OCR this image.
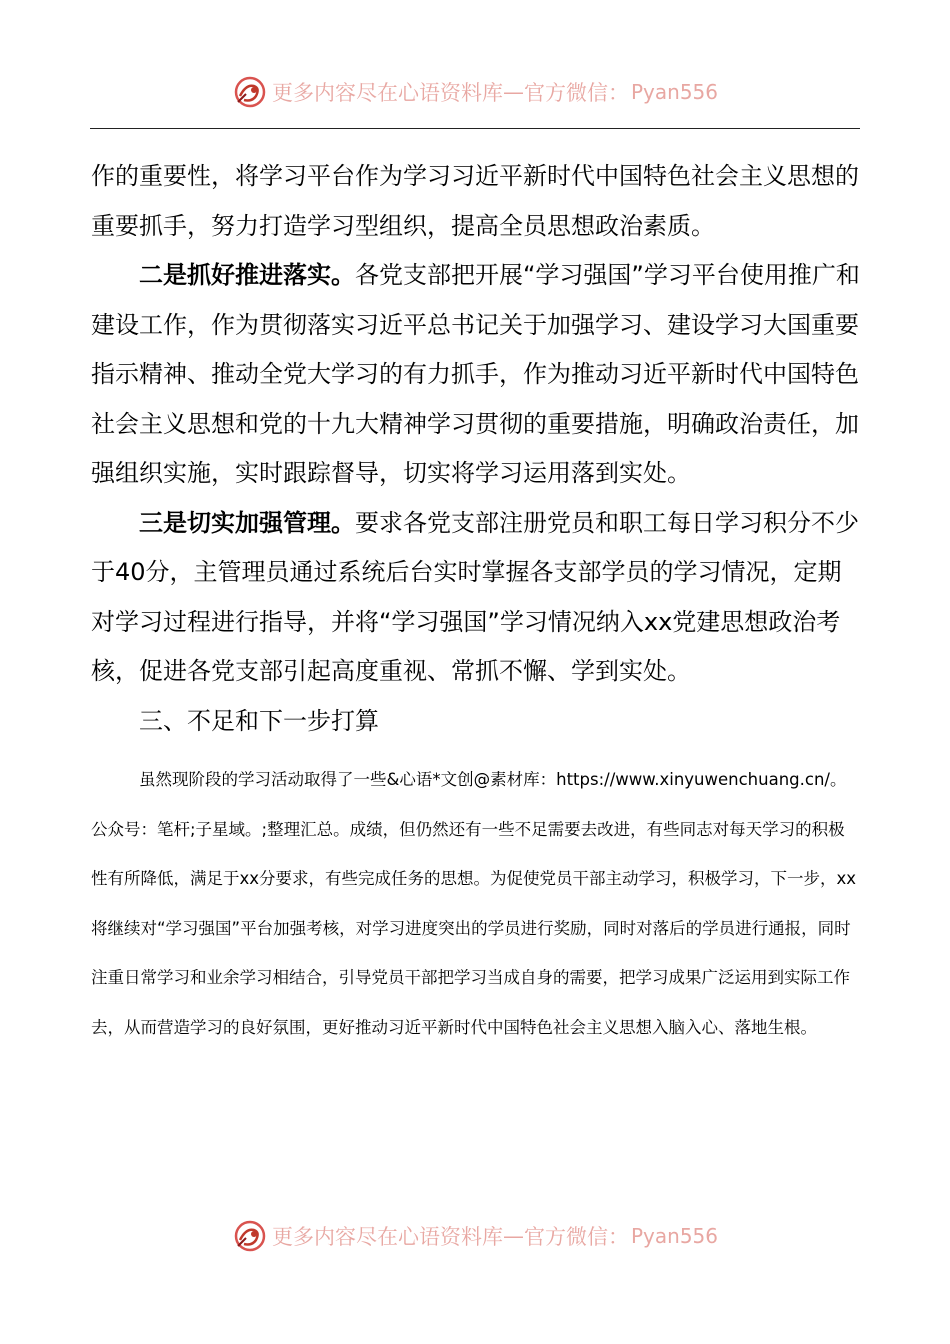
更多内容尽在心语资料库 — 官方微信： Pyan556

作的重要性，将学习平台作为学习习近平新时代中国特色社会主义思想的重要抓手，努力打造学习型组织，提高全员思想政治素质。

二是抓好推进落实。各党支部把开展“学习强国”学习平台使用推广和建设工作，作为贯彻落实习近平总书记关于加强学习、建设学习大国重要指示精神、推动全党大学习的有力抓手，作为推动习近平新时代中国特色社会主义思想和党的十九大精神学习贯彻的重要措施，明确政治责任，加强组织实施，实时跟踪督导，切实将学习运用落到实处。

三是切实加强管理。要求各党支部注册党员和职工每日学习积分不少于40分，主管理员通过系统后台实时掌握各支部学员的学习情况，定期对学习过程进行指导，并将“学习强国”学习情况纳入xx党建思想政治考核，促进各党支部引起高度重视、常抓不懈、学到实处。

三、不足和下一步打算

虽然现阶段的学习活动取得了一些&心语*文创@素材库：https://www.xinyuwenchuang.cn/。公众号：笔杆;子星域。;整理汇总。成绩，但仍然还有一些不足需要去改进，有些同志对每天学习的积极性有所降低，满足于xx分要求，有些完成任务的思想。为促使党员干部主动学习，积极学习，下一步，xx将继续对“学习强国”平台加强考核，对学习进度突出的学员进行奖励，同时对落后的学员进行通报，同时注重日常学习和业余学习相结合，引导党员干部把学习当成自身的需要，把学习成果广泛运用到实际工作去，从而营造学习的良好氛围，更好推动习近平新时代中国特色社会主义思想入脑入心、落地生根。

更多内容尽在心语资料库 — 官方微信： Pyan556
